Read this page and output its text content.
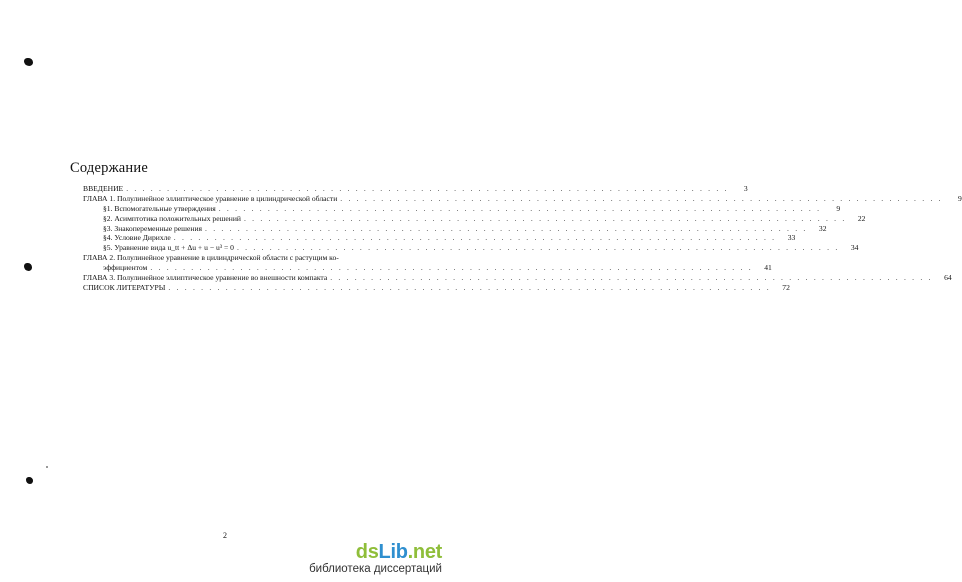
Содержание
ВВЕДЕНИЕ . . .	3
ГЛАВА 1. Полулинейное эллиптическое уравнение в цилиндрической области . . .	9
§1. Вспомогательные утверждения . . .	9
§2. Асимптотика положительных решений . . .	22
§3. Знакопеременные решения . . .	32
§4. Условие Дирихле . . .	33
§5. Уравнение вида u_tt + Δu + u − u³ = 0 . . .	34
ГЛАВА 2. Полулинейное уравнение в цилиндрической области с растущим ко-
эффициентом . . .	41
ГЛАВА 3. Полулинейное эллиптическое уравнение во внешности компакта . . .	64
СПИСОК ЛИТЕРАТУРЫ . . .	72
2
dsLib.net
библиотека диссертаций
